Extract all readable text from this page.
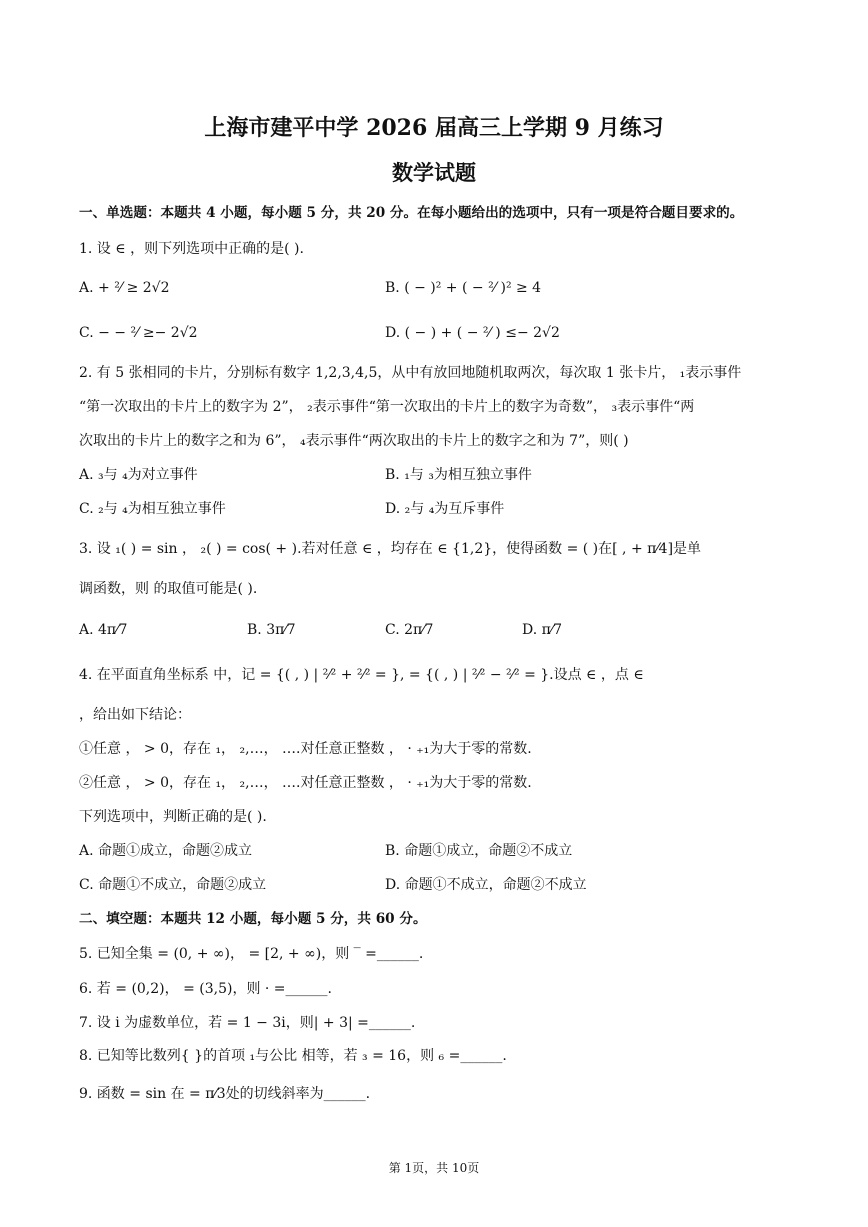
上海市建平中学 2026 届高三上学期 9 月练习
数学试题
一、单选题：本题共 4 小题，每小题 5 分，共 20 分。在每小题给出的选项中，只有一项是符合题目要求的。
1. 设 ∈ ，则下列选项中正确的是( ).
A. + ²⁄ ≥ 2√2	B. ( − )² + ( − ²⁄ )² ≥ 4
C. − − ²⁄ ≥− 2√2	D. ( − ) + ( − ²⁄ ) ≤− 2√2
2. 有 5 张相同的卡片，分别标有数字 1,2,3,4,5，从中有放回地随机取两次，每次取 1 张卡片， ₁表示事件
“第一次取出的卡片上的数字为 2”， ₂表示事件“第一次取出的卡片上的数字为奇数”， ₃表示事件“两
次取出的卡片上的数字之和为 6”， ₄表示事件“两次取出的卡片上的数字之和为 7”，则( )
A. ₃与 ₄为对立事件	B. ₁与 ₃为相互独立事件
C. ₂与 ₄为相互独立事件	D. ₂与 ₄为互斥事件
3. 设 ₁( ) = sin ， ₂( ) = cos( + ).若对任意 ∈ ，均存在 ∈ {1,2}，使得函数 = ( )在[ , + π⁄4]是单
调函数，则 的取值可能是( ).
A. 4π⁄7	B. 3π⁄7	C. 2π⁄7	D. π⁄7
4. 在平面直角坐标系 中，记 = {( , ) | ²⁄² + ²⁄² = }, = {( , ) | ²⁄² − ²⁄² = }.设点 ∈ ，点 ∈
，给出如下结论：
①任意 ， > 0，存在 ₁， ₂,…， ….对任意正整数 ， · ₊₁为大于零的常数.
②任意 ， > 0，存在 ₁， ₂,…， ….对任意正整数 ， · ₊₁为大于零的常数.
下列选项中，判断正确的是( ).
A. 命题①成立，命题②成立	B. 命题①成立，命题②不成立
C. 命题①不成立，命题②成立	D. 命题①不成立，命题②不成立
二、填空题：本题共 12 小题，每小题 5 分，共 60 分。
5. 已知全集 = (0, + ∞)， = [2, + ∞)，则 ‾ =______.
6. 若 = (0,2)， = (3,5)，则 · =______.
7. 设 i 为虚数单位，若 = 1 − 3i，则| + 3| =______.
8. 已知等比数列{ }的首项 ₁与公比 相等，若 ₃ = 16，则 ₆ =______.
9. 函数 = sin 在 = π⁄3处的切线斜率为______.
第 1页，共 10页
